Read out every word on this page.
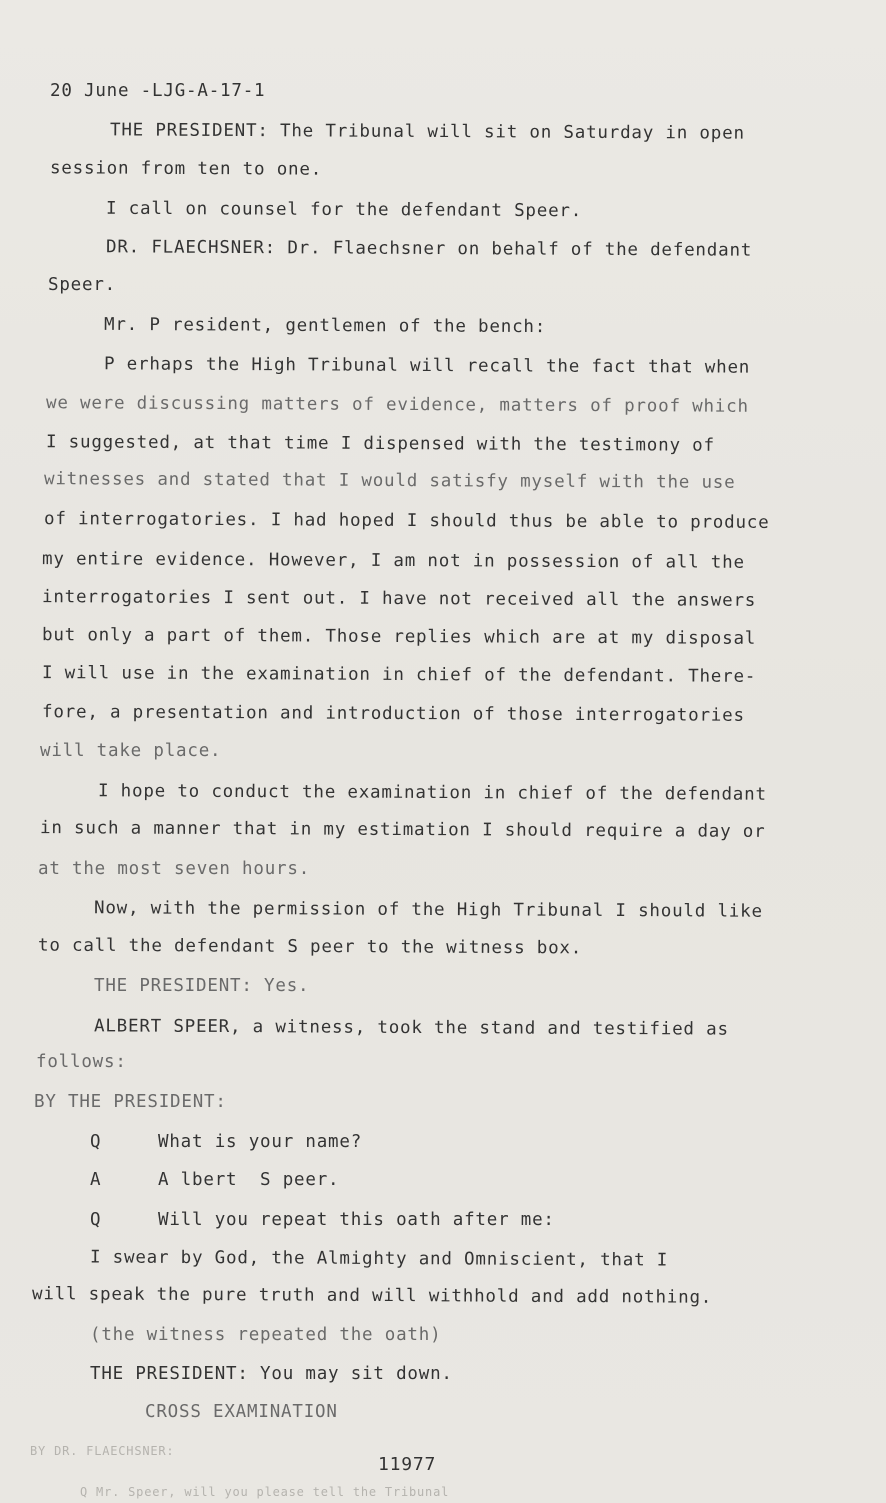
20 June -LJG-A-17-1
THE PRESIDENT: The Tribunal will sit on Saturday in open
session from ten to one.
I call on counsel for the defendant Speer.
DR. FLAECHSNER: Dr. Flaechsner on behalf of the defendant
Speer.
Mr. P resident, gentlemen of the bench:
P erhaps the High Tribunal will recall the fact that when
we were discussing matters of evidence, matters of proof which
I suggested, at that time I dispensed with the testimony of
witnesses and stated that I would satisfy myself with the use
of interrogatories. I had hoped I should thus be able to produce
my entire evidence. However, I am not in possession of all the
interrogatories I sent out. I have not received all the answers
but only a part of them. Those replies which are at my disposal
I will use in the examination in chief of the defendant. There-
fore, a presentation and introduction of those interrogatories
will take place.
I hope to conduct the examination in chief of the defendant
in such a manner that in my estimation I should require a day or
at the most seven hours.
Now, with the permission of the High Tribunal I should like
to call the defendant S peer to the witness box.
THE PRESIDENT: Yes.
ALBERT SPEER, a witness, took the stand and testified as
follows:
BY THE PRESIDENT:
Q     What is your name?
A     A lbert  S peer.
Q     Will you repeat this oath after me:
I swear by God, the Almighty and Omniscient, that I
will speak the pure truth and will withhold and add nothing.
(the witness repeated the oath)
THE PRESIDENT: You may sit down.
CROSS EXAMINATION
BY DR. FLAECHSNER:
11977
Q Mr. Speer, will you please tell the Tribunal
